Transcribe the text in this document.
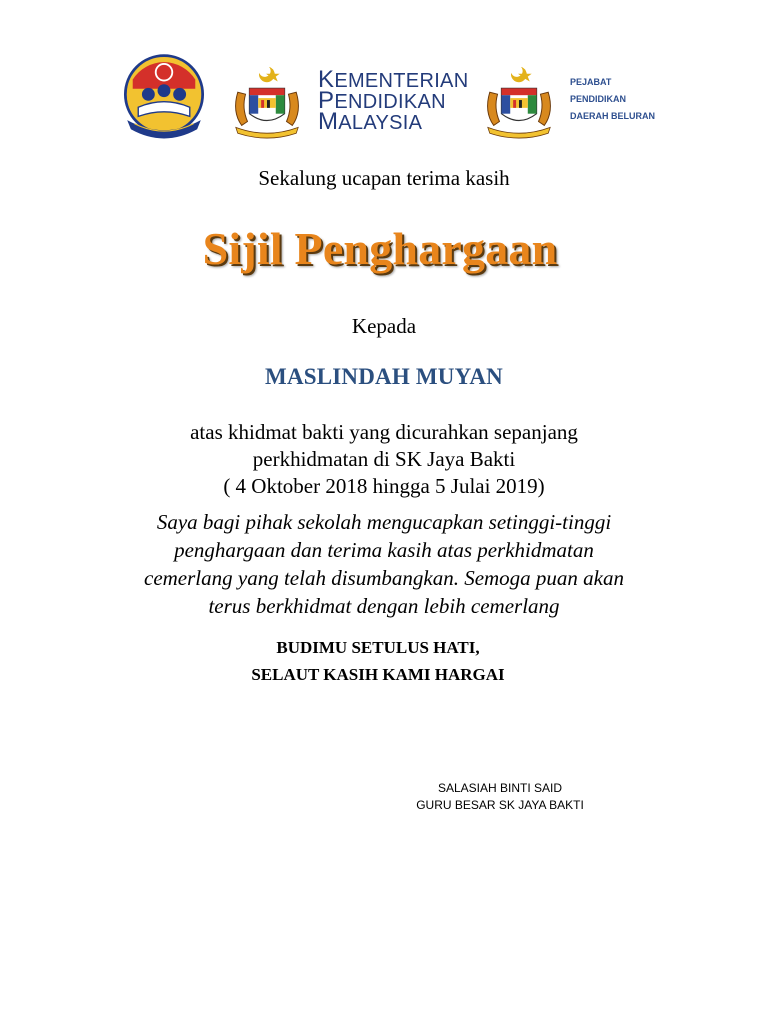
KEMENTERIAN
PENDIDIKAN
MALAYSIA
PEJABAT
PENDIDIKAN
DAERAH BELURAN
Sekalung ucapan terima kasih
Sijil Penghargaan
Kepada
MASLINDAH MUYAN
atas khidmat bakti yang dicurahkan sepanjang
perkhidmatan di SK Jaya Bakti
( 4 Oktober 2018 hingga 5 Julai 2019)
Saya bagi pihak sekolah mengucapkan setinggi-tinggi
penghargaan dan terima kasih atas perkhidmatan
cemerlang yang telah disumbangkan. Semoga puan akan
terus berkhidmat dengan lebih cemerlang
BUDIMU SETULUS HATI,
SELAUT KASIH KAMI HARGAI
SALASIAH BINTI SAID
GURU BESAR SK JAYA BAKTI
